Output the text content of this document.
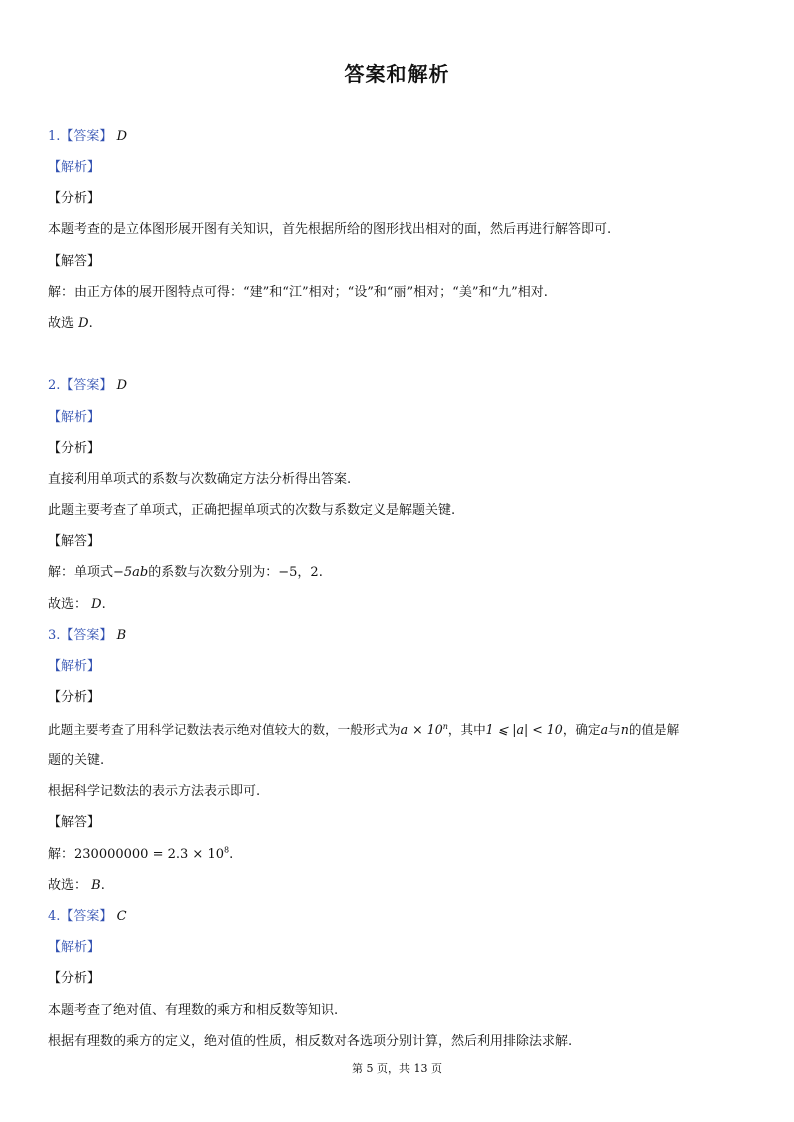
答案和解析
1.【答案】 D
【解析】
【分析】
本题考查的是立体图形展开图有关知识，首先根据所给的图形找出相对的面，然后再进行解答即可.
【解答】
解：由正方体的展开图特点可得：“建”和“江”相对；“设”和“丽”相对；“美”和“九”相对.
故选 D.
2.【答案】 D
【解析】
【分析】
直接利用单项式的系数与次数确定方法分析得出答案.
此题主要考查了单项式，正确把握单项式的次数与系数定义是解题关键.
【解答】
解：单项式−5ab的系数与次数分别为：−5，2.
故选： D.
3.【答案】 B
【解析】
【分析】
此题主要考查了用科学记数法表示绝对值较大的数，一般形式为$a \times 10^n$，其中1 ⩽ |a| < 10，确定a与n的值是解
题的关键.
根据科学记数法的表示方法表示即可.
【解答】
解：$230000000 = 2.3 \times 10^8$.
故选： B.
4.【答案】 C
【解析】
【分析】
本题考查了绝对值、有理数的乘方和相反数等知识.
根据有理数的乘方的定义，绝对值的性质，相反数对各选项分别计算，然后利用排除法求解.
第 5 页，共 13 页
